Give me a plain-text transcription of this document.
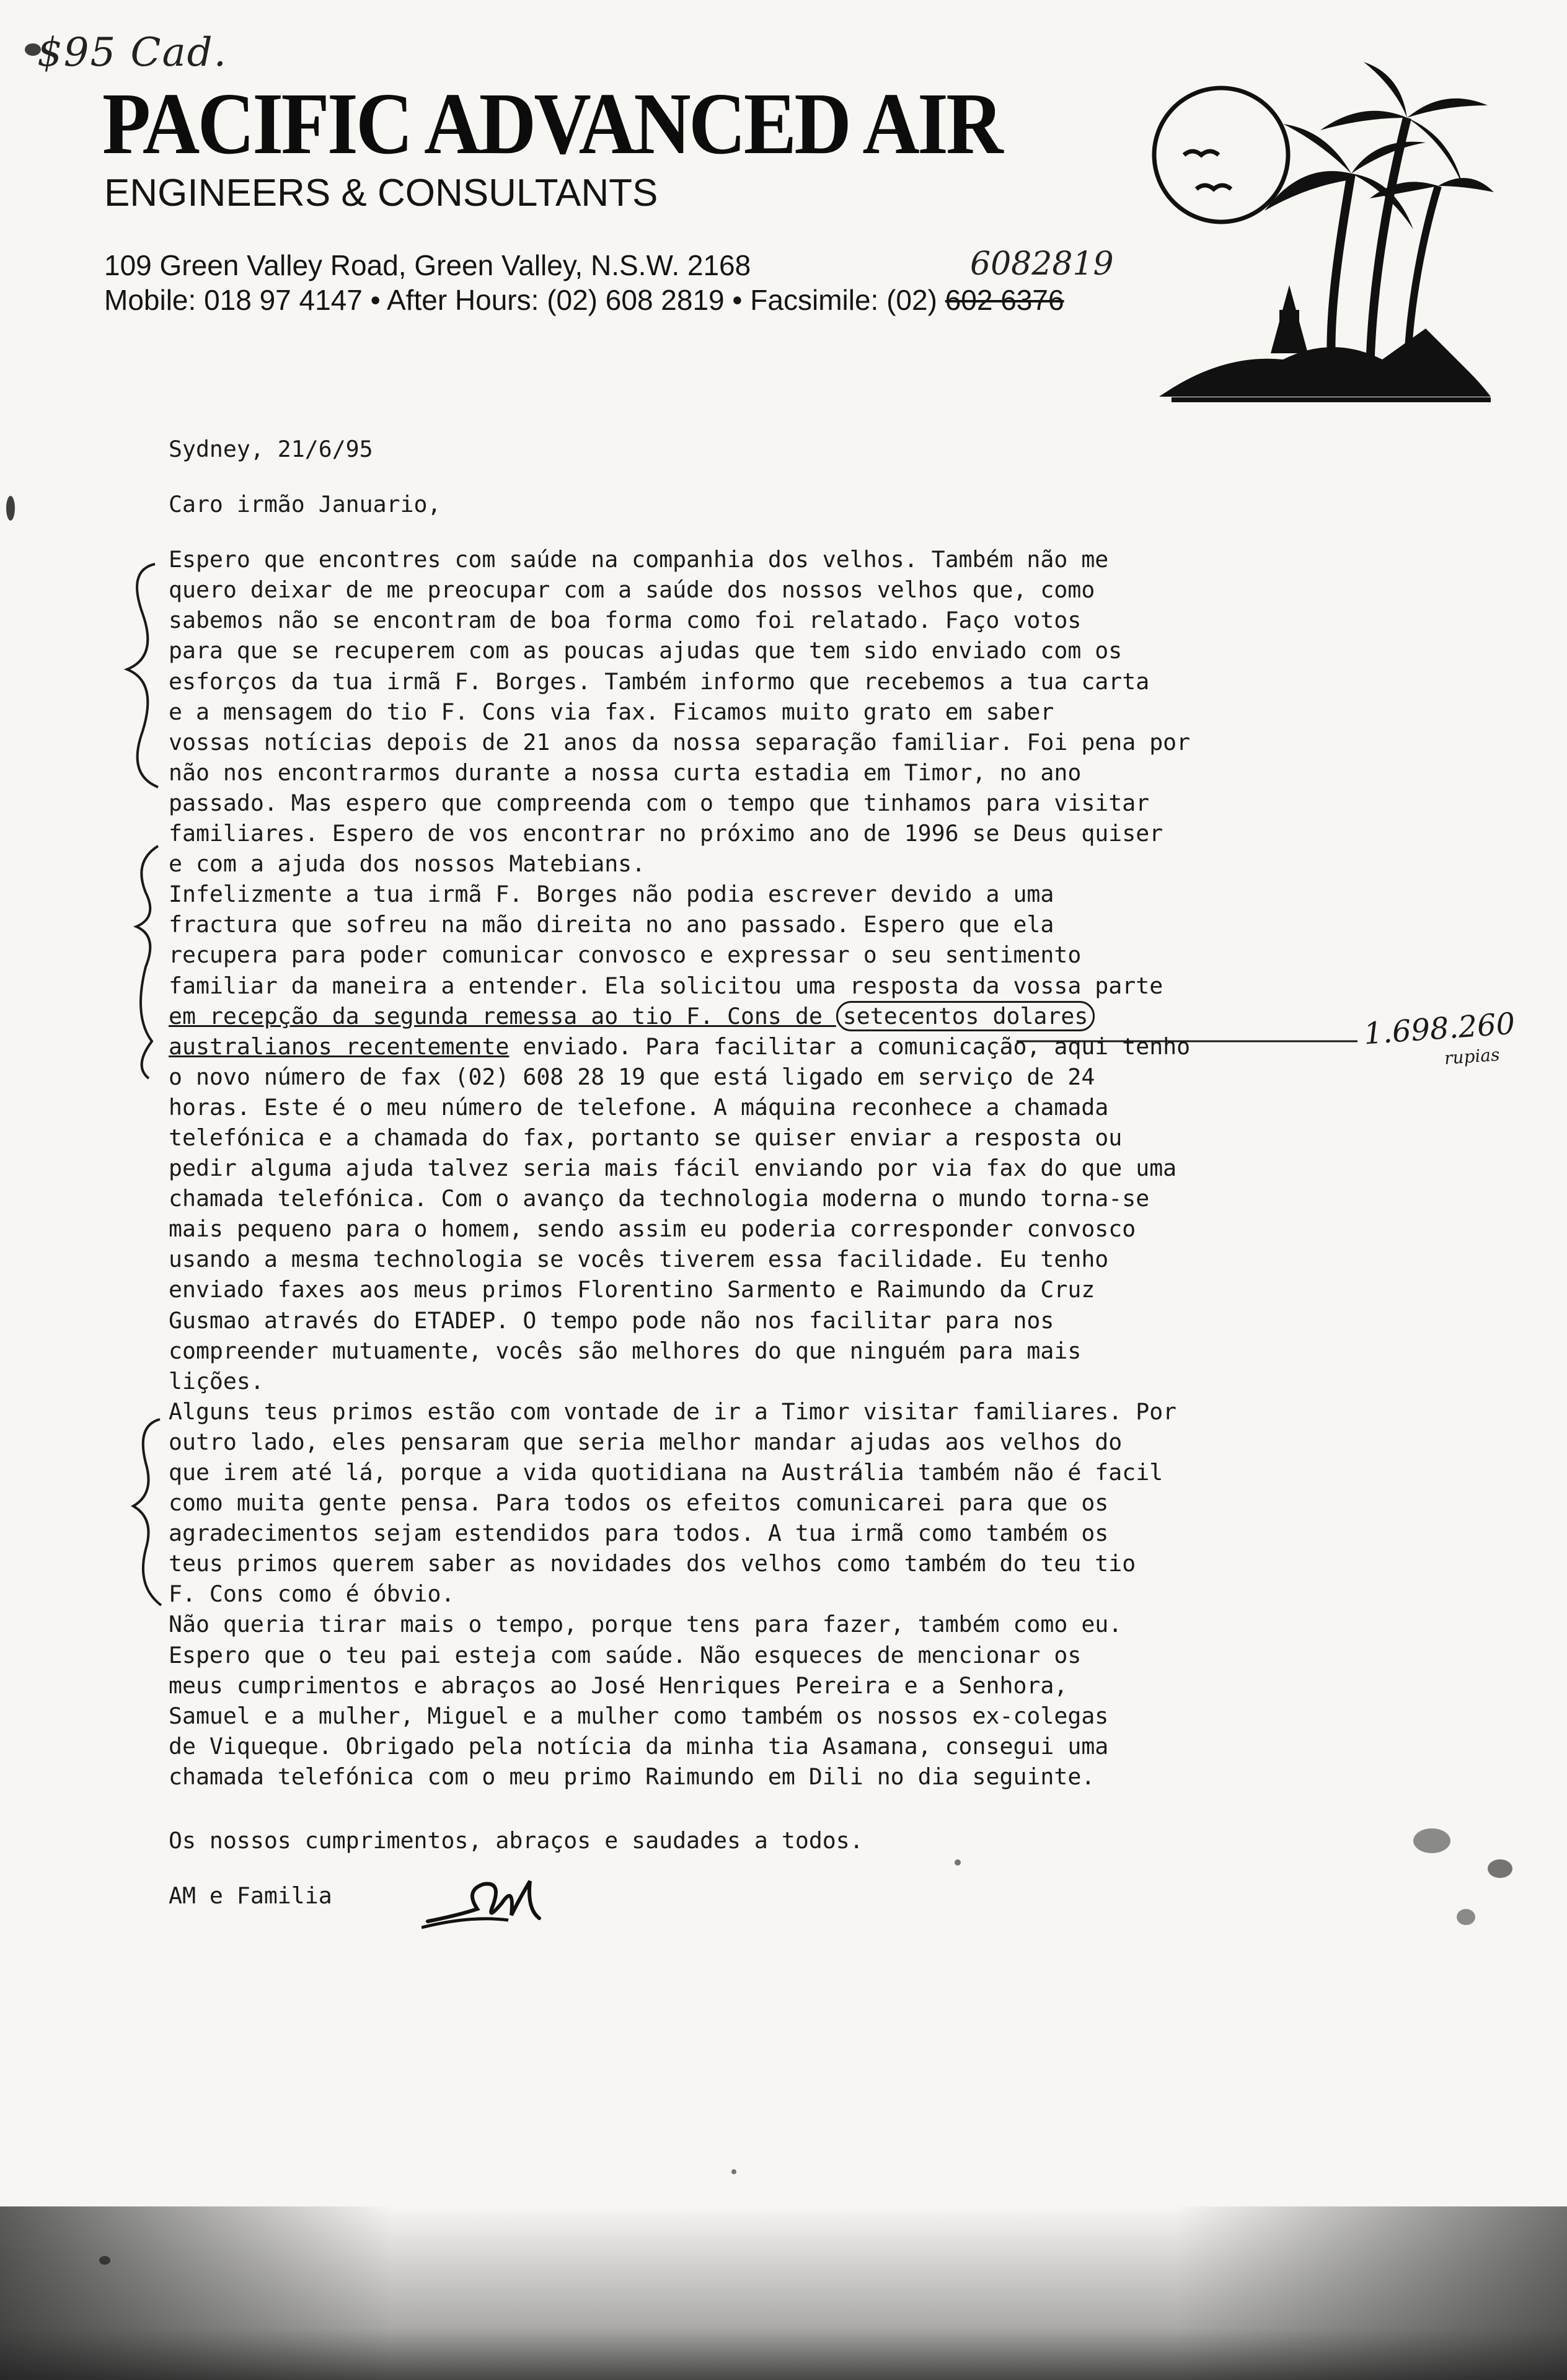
$95 Cad.
PACIFIC ADVANCED AIR
ENGINEERS & CONSULTANTS
109 Green Valley Road, Green Valley, N.S.W. 2168
Mobile: 018 97 4147 • After Hours: (02) 608 2819 • Facsimile: (02) 602 6376
6082819

Sydney, 21/6/95

Caro irmão Januario,

Espero que encontres com saúde na companhia dos velhos. Também não me

quero deixar de me preocupar com a saúde dos nossos velhos que, como

sabemos não se encontram de boa forma como foi relatado. Faço votos

para que se recuperem com as poucas ajudas que tem sido enviado com os

esforços da tua irmã F. Borges. Também informo que recebemos a tua carta

e a mensagem do tio F. Cons via fax. Ficamos muito grato em saber

vossas notícias depois de 21 anos da nossa separação familiar. Foi pena por

não nos encontrarmos durante a nossa curta estadia em Timor, no ano

passado. Mas espero que compreenda com o tempo que tinhamos para visitar

familiares. Espero de vos encontrar no próximo ano de 1996 se Deus quiser

e com a ajuda dos nossos Matebians.

Infelizmente a tua irmã F. Borges não podia escrever devido a uma

fractura que sofreu na mão direita no ano passado. Espero que ela

recupera para poder comunicar convosco e expressar o seu sentimento

familiar da maneira a entender. Ela solicitou uma resposta da vossa parte

em recepção da segunda remessa ao tio F. Cons de setecentos dolares

australianos recentemente enviado. Para facilitar a comunicação, aqui tenho

o novo número de fax (02) 608 28 19 que está ligado em serviço de 24

horas. Este é o meu número de telefone. A máquina reconhece a chamada

telefónica e a chamada do fax, portanto se quiser enviar a resposta ou

pedir alguma ajuda talvez seria mais fácil enviando por via fax do que uma

chamada telefónica. Com o avanço da technologia moderna o mundo torna-se

mais pequeno para o homem, sendo assim eu poderia corresponder convosco

usando a mesma technologia se vocês tiverem essa facilidade. Eu tenho

enviado faxes aos meus primos Florentino Sarmento e Raimundo da Cruz

Gusmao através do ETADEP. O tempo pode não nos facilitar para nos

compreender mutuamente, vocês são melhores do que ninguém para mais

lições.

Alguns teus primos estão com vontade de ir a Timor visitar familiares. Por

outro lado, eles pensaram que seria melhor mandar ajudas aos velhos do

que irem até lá, porque a vida quotidiana na Austrália também não é facil

como muita gente pensa. Para todos os efeitos comunicarei para que os

agradecimentos sejam estendidos para todos. A tua irmã como também os

teus primos querem saber as novidades dos velhos como também do teu tio

F. Cons como é óbvio.

Não queria tirar mais o tempo, porque tens para fazer, também como eu.

Espero que o teu pai esteja com saúde. Não esqueces de mencionar os

meus cumprimentos e abraços ao José Henriques Pereira e a Senhora,

Samuel e a mulher, Miguel e a mulher como também os nossos ex-colegas

de Viqueque. Obrigado pela notícia da minha tia Asamana, consegui uma

chamada telefónica com o meu primo Raimundo em Dili no dia seguinte.

Os nossos cumprimentos, abraços e saudades a todos.

AM e Familia

1.698.260
rupias
